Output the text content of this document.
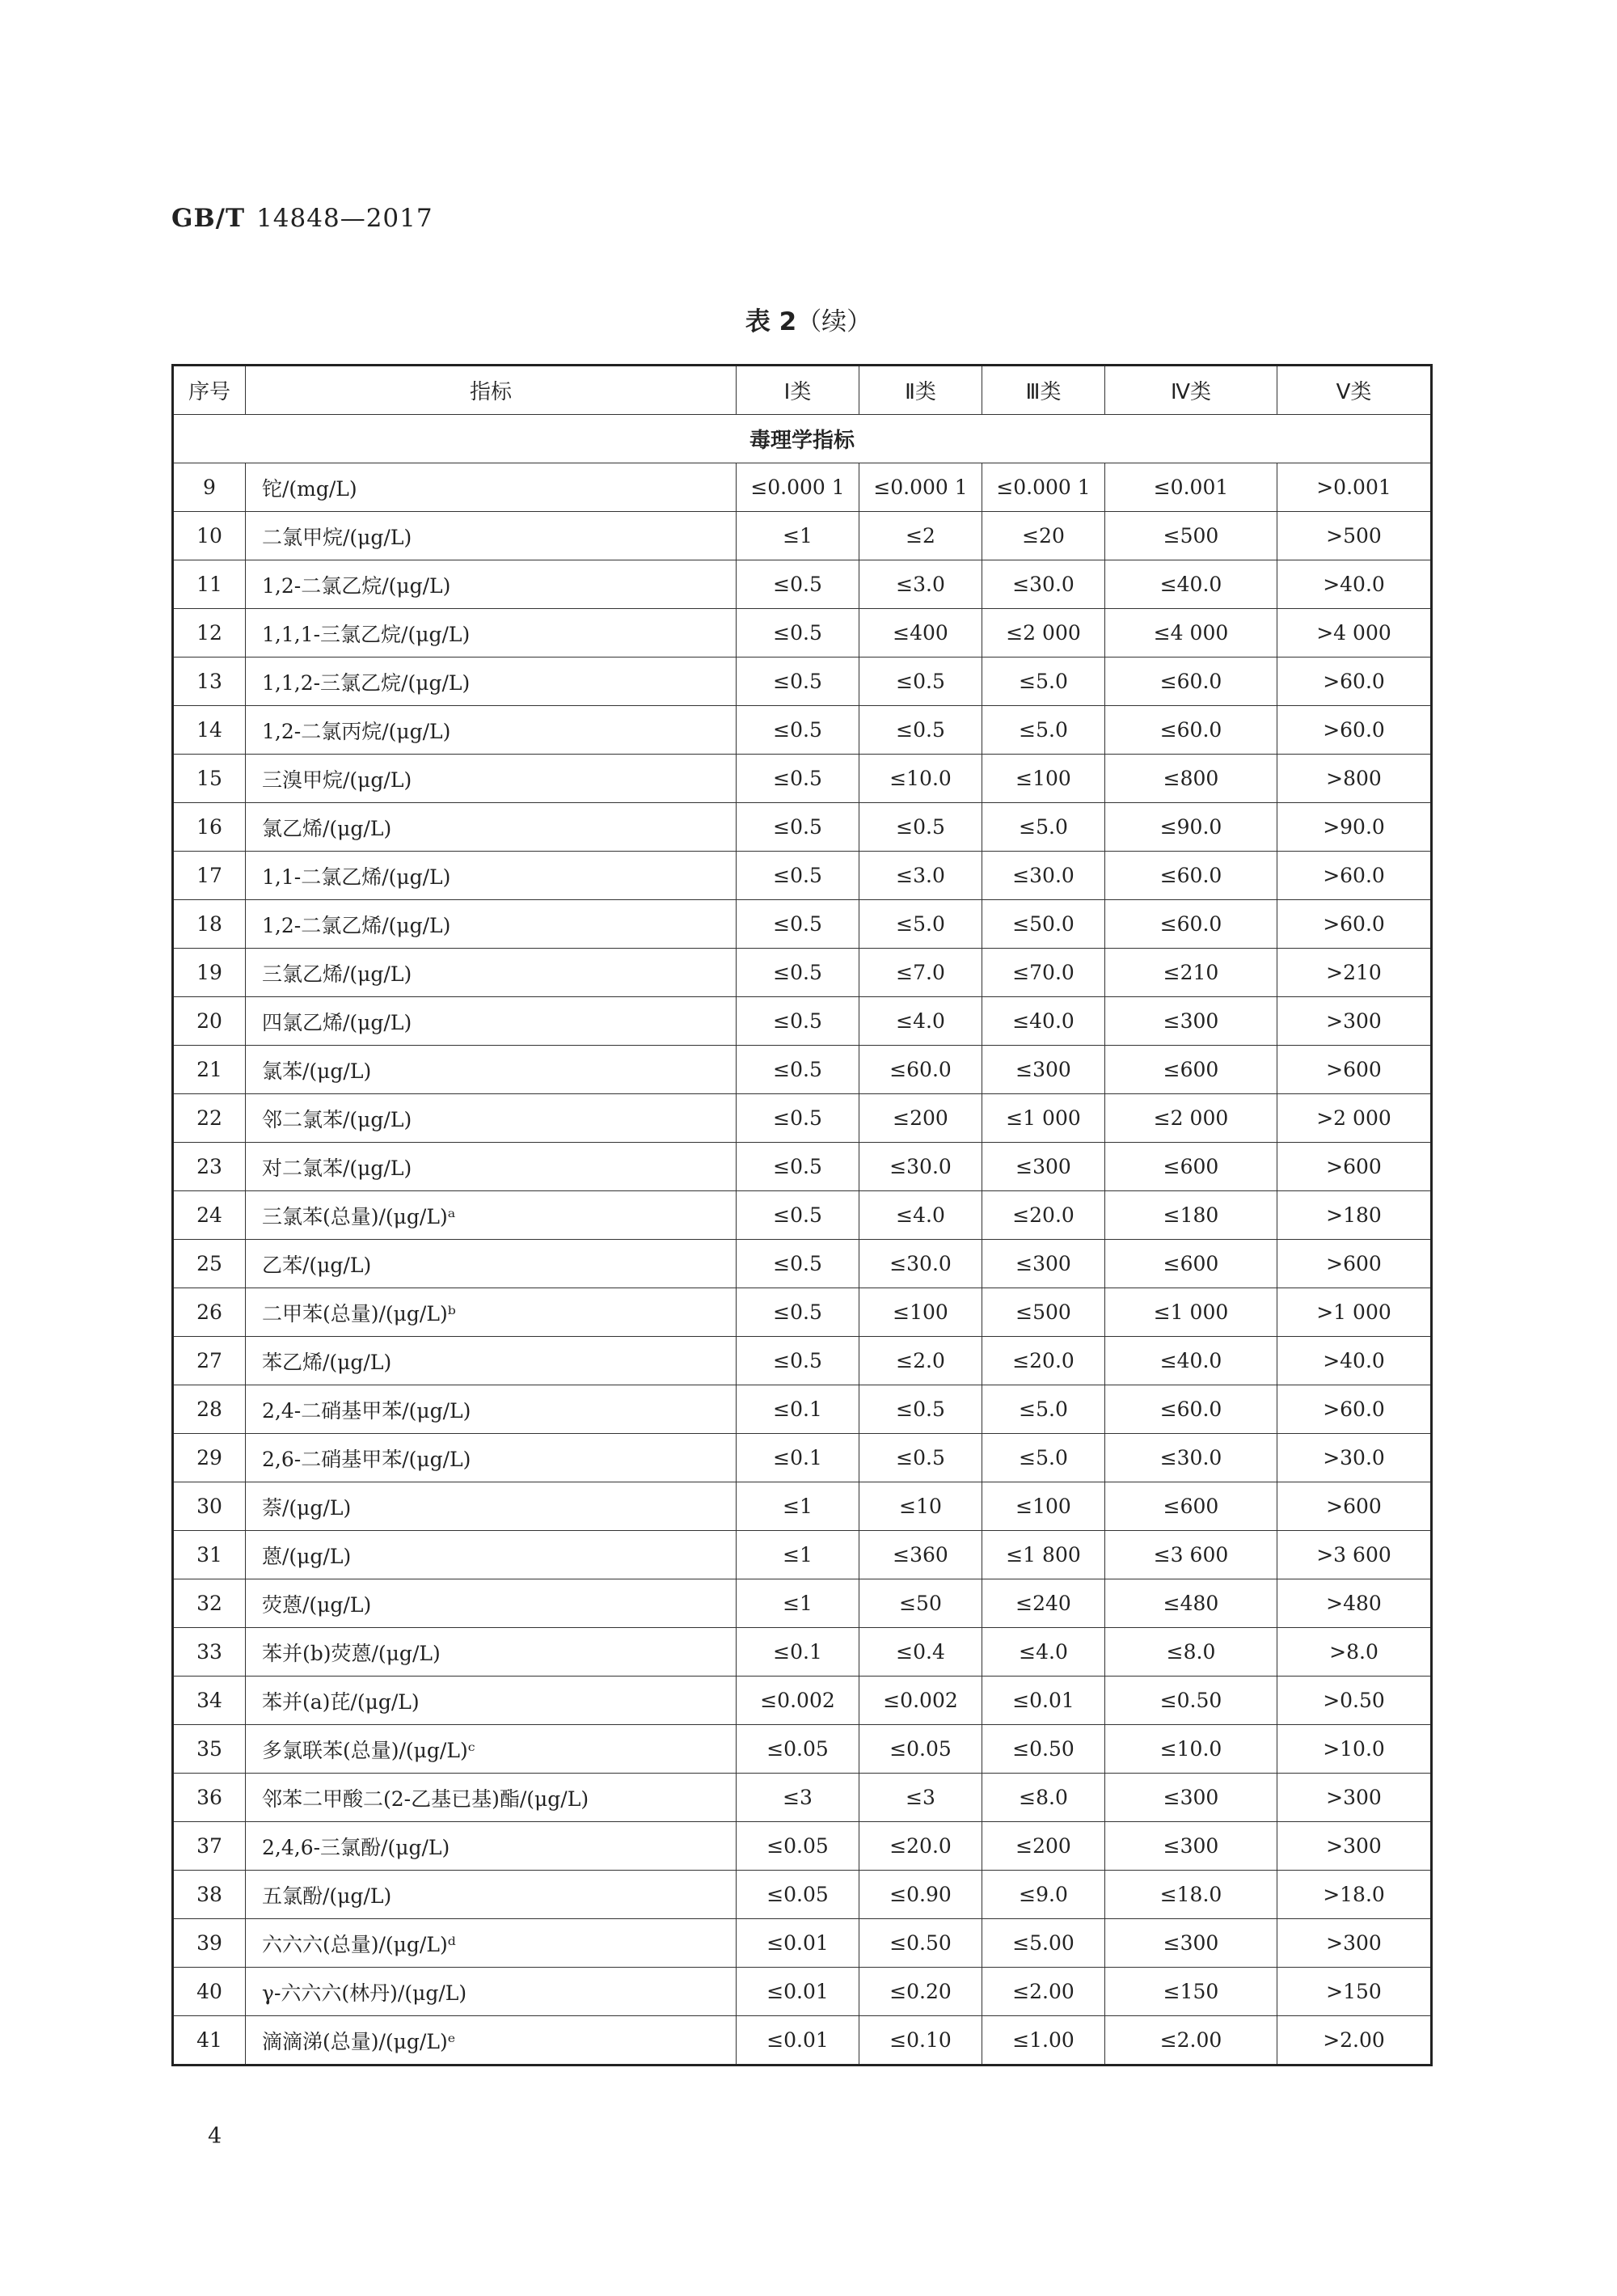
GB/T 14848—2017
表 2（续）
序号	指标	Ⅰ类	Ⅱ类	Ⅲ类	Ⅳ类	Ⅴ类
毒理学指标						
9	铊/(mg/L)	≤0.000 1	≤0.000 1	≤0.000 1	≤0.001	>0.001
10	二氯甲烷/(μg/L)	≤1	≤2	≤20	≤500	>500
11	1,2-二氯乙烷/(μg/L)	≤0.5	≤3.0	≤30.0	≤40.0	>40.0
12	1,1,1-三氯乙烷/(μg/L)	≤0.5	≤400	≤2 000	≤4 000	>4 000
13	1,1,2-三氯乙烷/(μg/L)	≤0.5	≤0.5	≤5.0	≤60.0	>60.0
14	1,2-二氯丙烷/(μg/L)	≤0.5	≤0.5	≤5.0	≤60.0	>60.0
15	三溴甲烷/(μg/L)	≤0.5	≤10.0	≤100	≤800	>800
16	氯乙烯/(μg/L)	≤0.5	≤0.5	≤5.0	≤90.0	>90.0
17	1,1-二氯乙烯/(μg/L)	≤0.5	≤3.0	≤30.0	≤60.0	>60.0
18	1,2-二氯乙烯/(μg/L)	≤0.5	≤5.0	≤50.0	≤60.0	>60.0
19	三氯乙烯/(μg/L)	≤0.5	≤7.0	≤70.0	≤210	>210
20	四氯乙烯/(μg/L)	≤0.5	≤4.0	≤40.0	≤300	>300
21	氯苯/(μg/L)	≤0.5	≤60.0	≤300	≤600	>600
22	邻二氯苯/(μg/L)	≤0.5	≤200	≤1 000	≤2 000	>2 000
23	对二氯苯/(μg/L)	≤0.5	≤30.0	≤300	≤600	>600
24	三氯苯(总量)/(μg/L)ᵃ	≤0.5	≤4.0	≤20.0	≤180	>180
25	乙苯/(μg/L)	≤0.5	≤30.0	≤300	≤600	>600
26	二甲苯(总量)/(μg/L)ᵇ	≤0.5	≤100	≤500	≤1 000	>1 000
27	苯乙烯/(μg/L)	≤0.5	≤2.0	≤20.0	≤40.0	>40.0
28	2,4-二硝基甲苯/(μg/L)	≤0.1	≤0.5	≤5.0	≤60.0	>60.0
29	2,6-二硝基甲苯/(μg/L)	≤0.1	≤0.5	≤5.0	≤30.0	>30.0
30	萘/(μg/L)	≤1	≤10	≤100	≤600	>600
31	蒽/(μg/L)	≤1	≤360	≤1 800	≤3 600	>3 600
32	荧蒽/(μg/L)	≤1	≤50	≤240	≤480	>480
33	苯并(b)荧蒽/(μg/L)	≤0.1	≤0.4	≤4.0	≤8.0	>8.0
34	苯并(a)芘/(μg/L)	≤0.002	≤0.002	≤0.01	≤0.50	>0.50
35	多氯联苯(总量)/(μg/L)ᶜ	≤0.05	≤0.05	≤0.50	≤10.0	>10.0
36	邻苯二甲酸二(2-乙基已基)酯/(μg/L)	≤3	≤3	≤8.0	≤300	>300
37	2,4,6-三氯酚/(μg/L)	≤0.05	≤20.0	≤200	≤300	>300
38	五氯酚/(μg/L)	≤0.05	≤0.90	≤9.0	≤18.0	>18.0
39	六六六(总量)/(μg/L)ᵈ	≤0.01	≤0.50	≤5.00	≤300	>300
40	γ-六六六(林丹)/(μg/L)	≤0.01	≤0.20	≤2.00	≤150	>150
41	滴滴涕(总量)/(μg/L)ᵉ	≤0.01	≤0.10	≤1.00	≤2.00	>2.00
4
